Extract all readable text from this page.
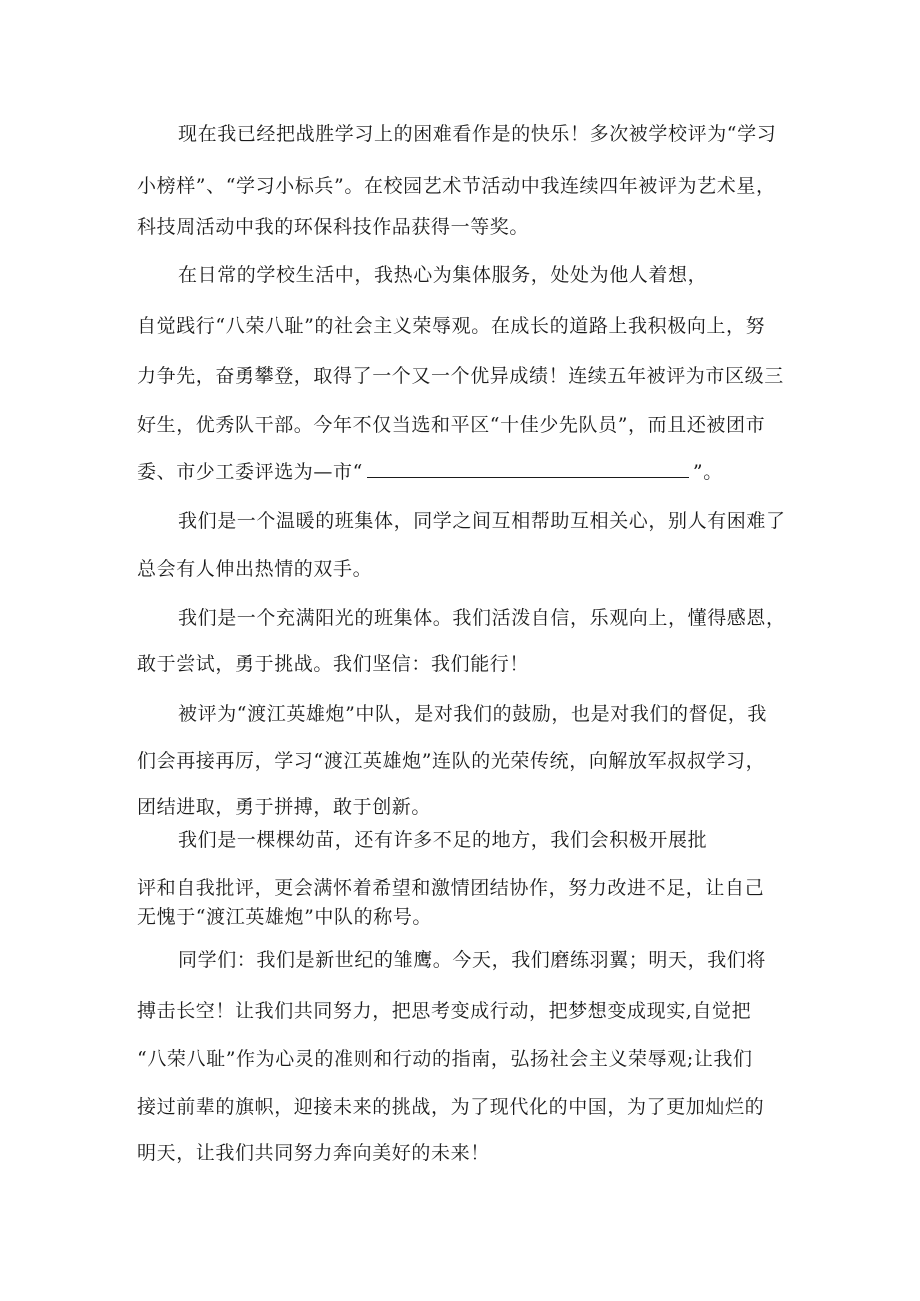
现在我已经把战胜学习上的困难看作是的快乐！多次被学校评为“学习
小榜样”、“学习小标兵”。在校园艺术节活动中我连续四年被评为艺术星，
科技周活动中我的环保科技作品获得一等奖。
在日常的学校生活中，我热心为集体服务，处处为他人着想，
自觉践行“八荣八耻”的社会主义荣辱观。在成长的道路上我积极向上，努
力争先，奋勇攀登，取得了一个又一个优异成绩！连续五年被评为市区级三
好生，优秀队干部。今年不仅当选和平区“十佳少先队员”，而且还被团市
委、市少工委评选为—市“	”。
我们是一个温暖的班集体，同学之间互相帮助互相关心，别人有困难了
总会有人伸出热情的双手。
我们是一个充满阳光的班集体。我们活泼自信，乐观向上，懂得感恩，
敢于尝试，勇于挑战。我们坚信：我们能行！
被评为“渡江英雄炮”中队，是对我们的鼓励，也是对我们的督促，我
们会再接再厉，学习“渡江英雄炮”连队的光荣传统，向解放军叔叔学习，
团结进取，勇于拼搏，敢于创新。
我们是一棵棵幼苗，还有许多不足的地方，我们会积极开展批
评和自我批评，更会满怀着希望和激情团结协作，努力改进不足，让自己
无愧于“渡江英雄炮”中队的称号。
同学们：我们是新世纪的雏鹰。今天，我们磨练羽翼；明天，我们将
搏击长空！让我们共同努力，把思考变成行动，把梦想变成现实,自觉把
“八荣八耻”作为心灵的准则和行动的指南，弘扬社会主义荣辱观;让我们
接过前辈的旗帜，迎接未来的挑战，为了现代化的中国，为了更加灿烂的
明天，让我们共同努力奔向美好的未来！
